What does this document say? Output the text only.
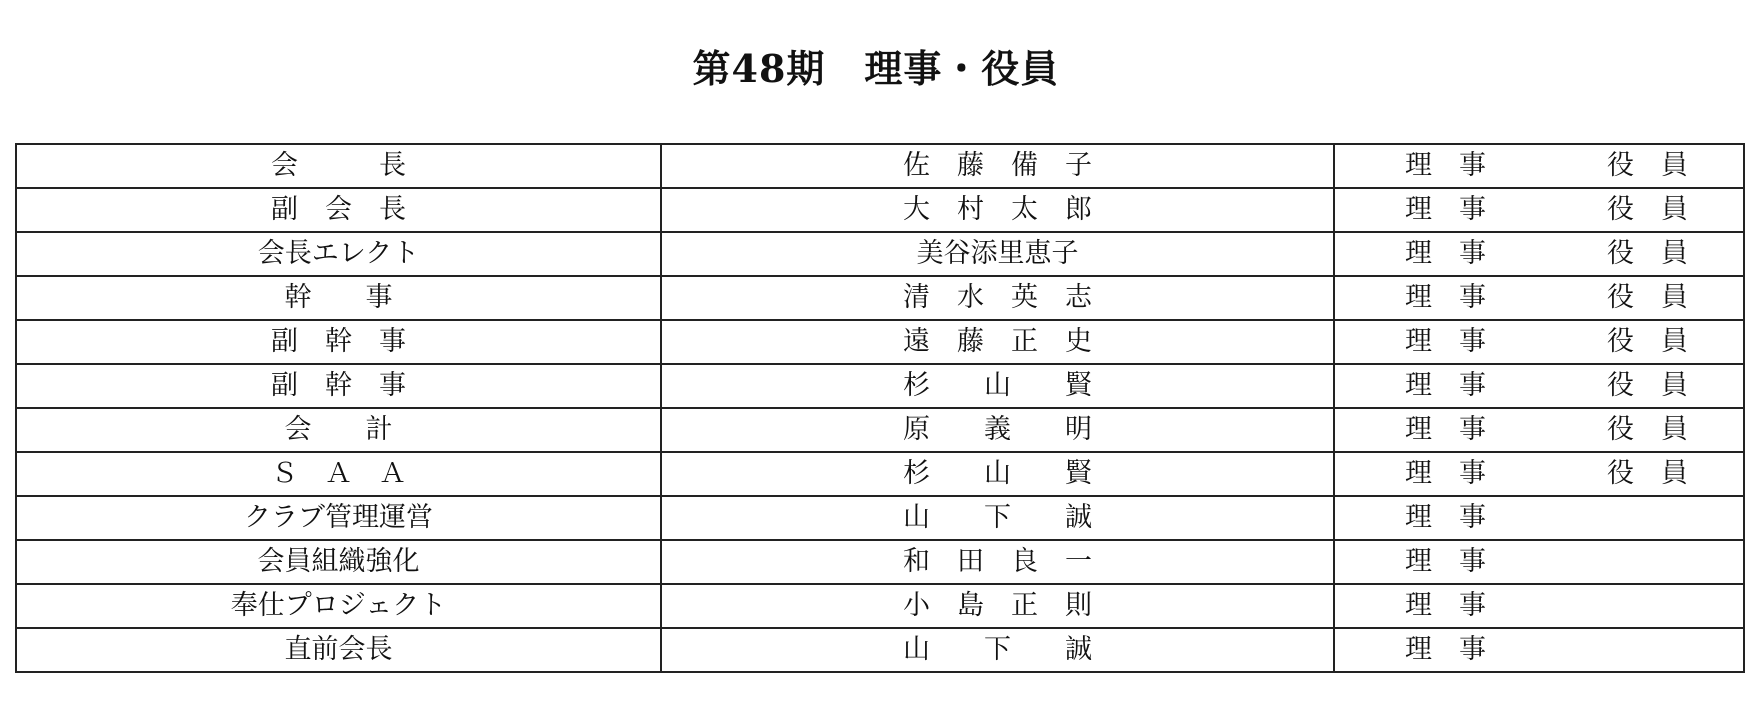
第48期　理事・役員
会　　　長	佐　藤　備　子	理　事 役　員

副　会　長	大　村　太　郎	理　事 役　員

会長エレクト	美谷添里恵子	理　事 役　員

幹　　事	清　水　英　志	理　事 役　員

副　幹　事	遠　藤　正　史	理　事 役　員

副　幹　事	杉　　山　　賢	理　事 役　員

会　　計	原　　義　　明	理　事 役　員

Ｓ　Ａ　Ａ	杉　　山　　賢	理　事 役　員

クラブ管理運営	山　　下　　誠	理　事

会員組織強化	和　田　良　一	理　事

奉仕プロジェクト	小　島　正　則	理　事

直前会長	山　　下　　誠	理　事
